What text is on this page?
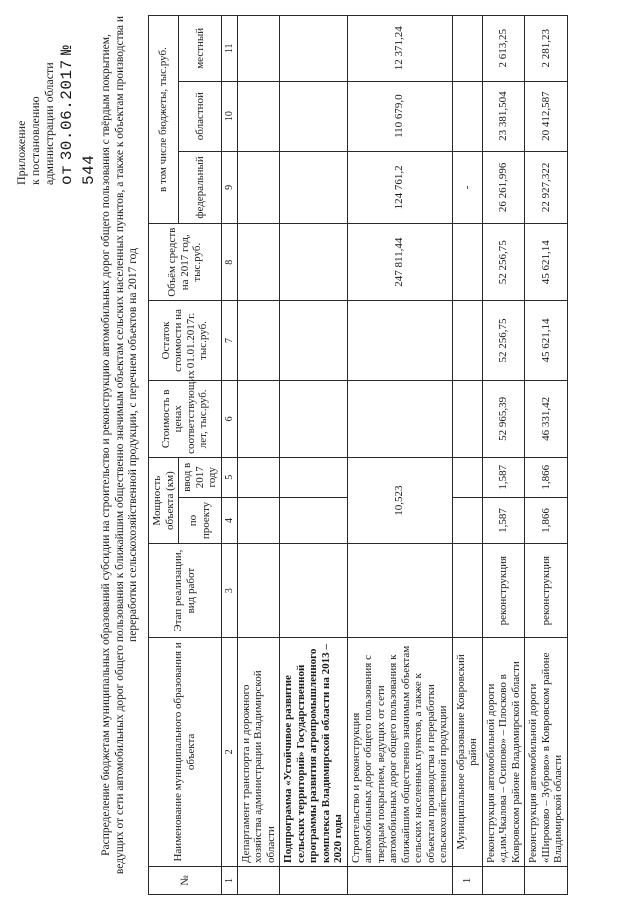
Приложение к постановлению администрации области от 30.06.2017 № 544 Распределение бюджетам муниципальных образований субсидии на строительство и реконструкцию автомобильных дорог общего пользования с твёрдым покрытием, ведущих от сети автомобильных дорог общего пользования к ближайшим общественно значимым объектам сельских населенных пунктов, а также к объектам производства и переработки сельскохозяйственной продукции, с перечнем объектов на 2017 год
№	Наименование муниципального образования и объекта	Этап реализации, вид работ	Мощность объекта (км)		Стоимость в ценах соответствующих лет, тыс.руб.	Остаток стоимости на 01.01.2017г. тыс.руб.	Объём средств на 2017 год, тыс.руб.	в том числе бюджеты, тыс.руб.		
			по проекту	ввод в 2017 году				федеральный	областной	местный

1	2	3	4	5	6	7	8	9	10	11
	Департамент транспорта и дорожного хозяйства администрации Владимирской области									
	Подпрограмма «Устойчивое развитие сельских территорий» Государственной программы развития агропромышленного комплекса Владимирской области на 2013 – 2020 годы									
	Строительство и реконструкция автомобильных дорог общего пользования с твердым покрытием, ведущих от сети автомобильных дорог общего пользования к ближайшим общественно значимым объектам сельских населенных пунктов, а также к объектам производства и переработки сельскохозяйственной продукции		10,523				247 811,44	124 761,2	110 679,0	12 371,24
1	Муниципальное образование Ковровский район							-		
	Реконструкция автомобильной дороги «д.им.Чкалова – Осипово» – Плосково в Ковровском районе Владимирской области	реконструкция	1,587	1,587	52 965,39	52 256,75	52 256,75	26 261,996	23 381,504	2 613,25
	Реконструкция автомобильной дороги «Широково – Зуброво» в Ковровском районе Владимирской области	реконструкция	1,866	1,866	46 331,42	45 621,14	45 621,14	22 927,322	20 412,587	2 281,23
